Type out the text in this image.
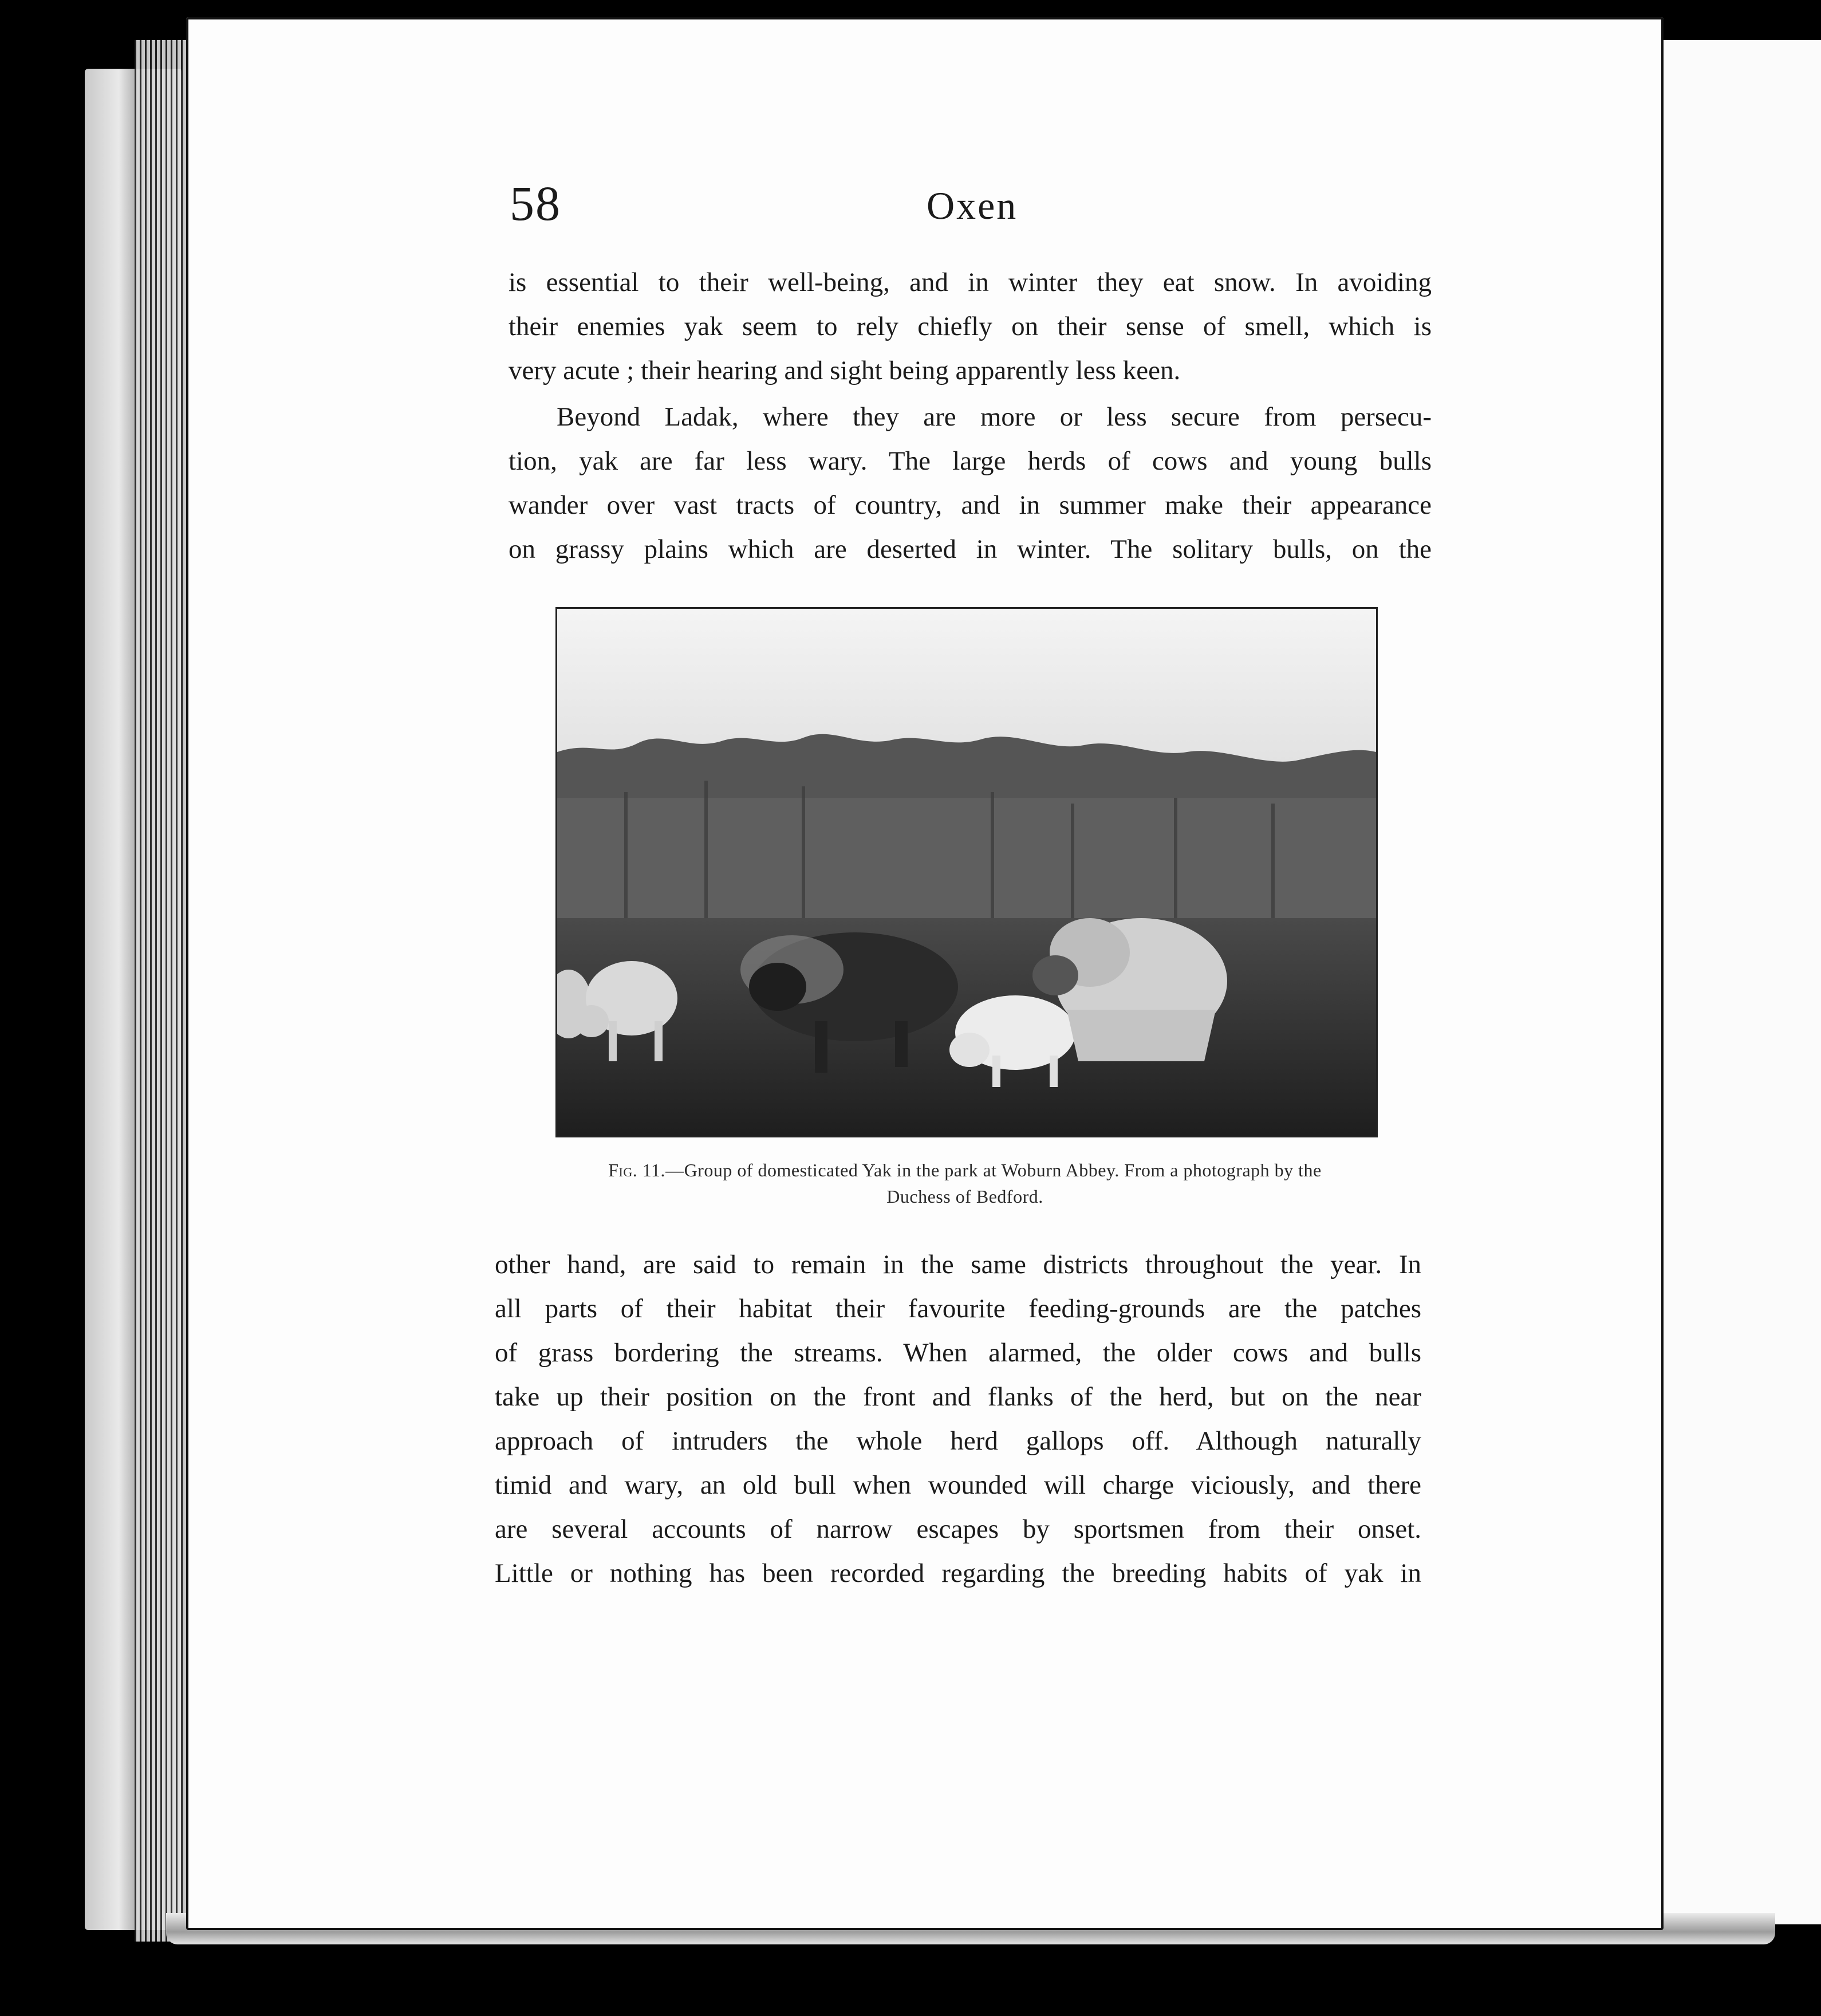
58	Oxen
is essential to their well-being, and in winter they eat snow. In avoiding
their enemies yak seem to rely chiefly on their sense of smell, which is
very acute ; their hearing and sight being apparently less keen.
Beyond Ladak, where they are more or less secure from persecu-
tion, yak are far less wary. The large herds of cows and young bulls
wander over vast tracts of country, and in summer make their appearance
on grassy plains which are deserted in winter. The solitary bulls, on the
Fig. 11.—Group of domesticated Yak in the park at Woburn Abbey. From a photograph by the
Duchess of Bedford.
other hand, are said to remain in the same districts throughout the year. In
all parts of their habitat their favourite feeding-grounds are the patches
of grass bordering the streams. When alarmed, the older cows and bulls
take up their position on the front and flanks of the herd, but on the near
approach of intruders the whole herd gallops off. Although naturally
timid and wary, an old bull when wounded will charge viciously, and there
are several accounts of narrow escapes by sportsmen from their onset.
Little or nothing has been recorded regarding the breeding habits of yak in
